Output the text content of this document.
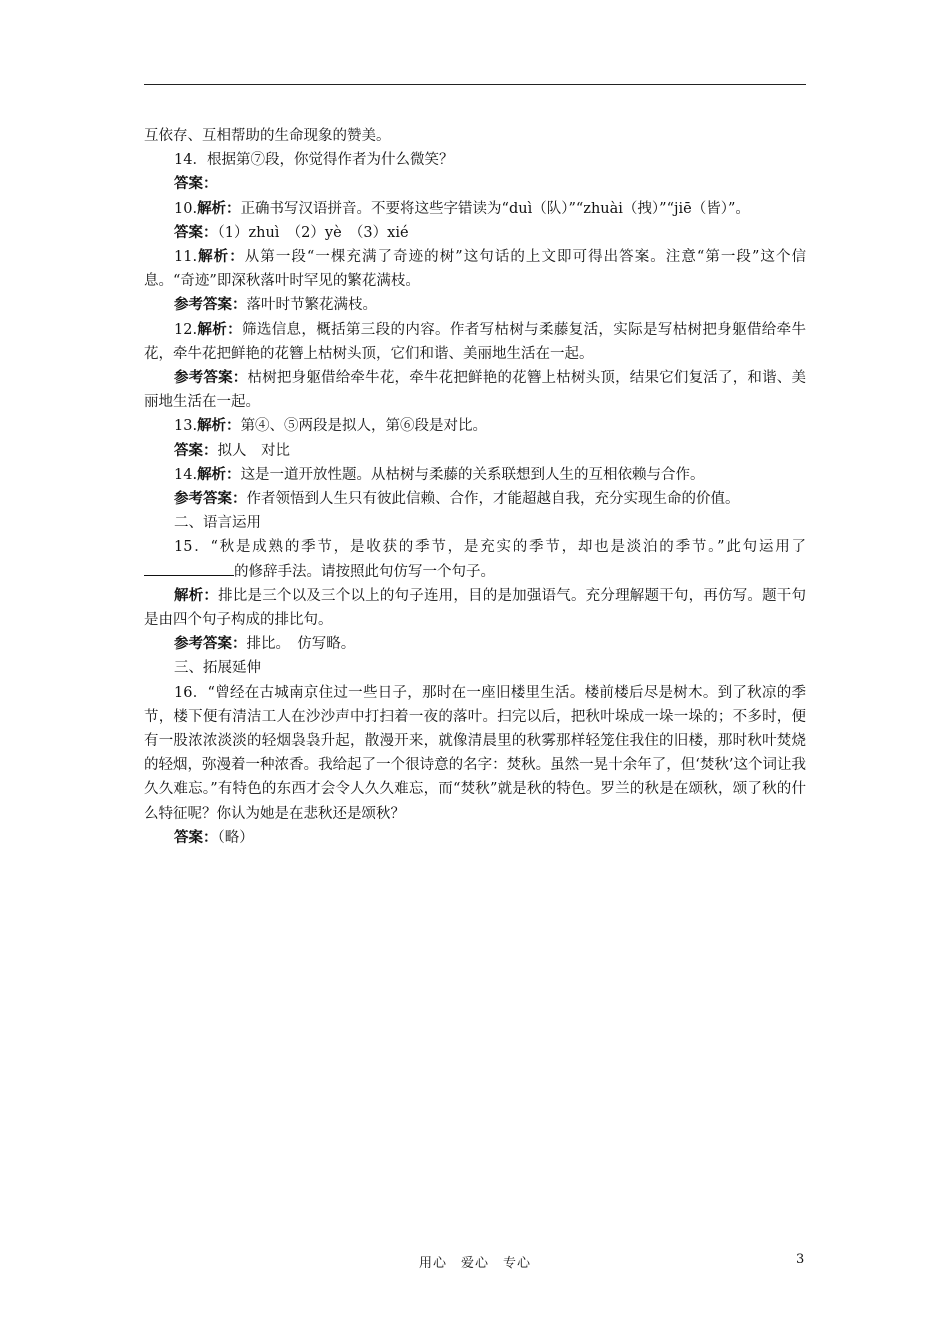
互依存、互相帮助的生命现象的赞美。

14．根据第⑦段，你觉得作者为什么微笑？

答案：

10.解析：正确书写汉语拼音。不要将这些字错读为“duì（队）”“zhuài（拽）”“jiē（皆）”。

答案：（1）zhuì　（2）yè　（3）xié

11.解析：从第一段“一棵充满了奇迹的树”这句话的上文即可得出答案。注意“第一段”这个信息。“奇迹”即深秋落叶时罕见的繁花满枝。

参考答案：落叶时节繁花满枝。

12.解析：筛选信息，概括第三段的内容。作者写枯树与柔藤复活，实际是写枯树把身躯借给牵牛花，牵牛花把鲜艳的花簪上枯树头顶，它们和谐、美丽地生活在一起。

参考答案：枯树把身躯借给牵牛花，牵牛花把鲜艳的花簪上枯树头顶，结果它们复活了，和谐、美丽地生活在一起。

13.解析：第④、⑤两段是拟人，第⑥段是对比。

答案：拟人　对比

14.解析：这是一道开放性题。从枯树与柔藤的关系联想到人生的互相依赖与合作。

参考答案：作者领悟到人生只有彼此信赖、合作，才能超越自我，充分实现生命的价值。

二、语言运用

15．“秋是成熟的季节，是收获的季节，是充实的季节，却也是淡泊的季节。”此句运用了的修辞手法。请按照此句仿写一个句子。

解析：排比是三个以及三个以上的句子连用，目的是加强语气。充分理解题干句，再仿写。题干句是由四个句子构成的排比句。

参考答案：排比。　仿写略。

三、拓展延伸

16．“曾经在古城南京住过一些日子，那时在一座旧楼里生活。楼前楼后尽是树木。到了秋凉的季节，楼下便有清洁工人在沙沙声中打扫着一夜的落叶。扫完以后，把秋叶垛成一垛一垛的；不多时，便有一股浓浓淡淡的轻烟袅袅升起，散漫开来，就像清晨里的秋雾那样轻笼住我住的旧楼，那时秋叶焚烧的轻烟，弥漫着一种浓香。我给起了一个很诗意的名字：焚秋。虽然一晃十余年了，但‘焚秋’这个词让我久久难忘。”有特色的东西才会令人久久难忘，而“焚秋”就是秋的特色。罗兰的秋是在颂秋，颂了秋的什么特征呢？你认为她是在悲秋还是颂秋？

答案：（略）

用心　爱心　专心	3
